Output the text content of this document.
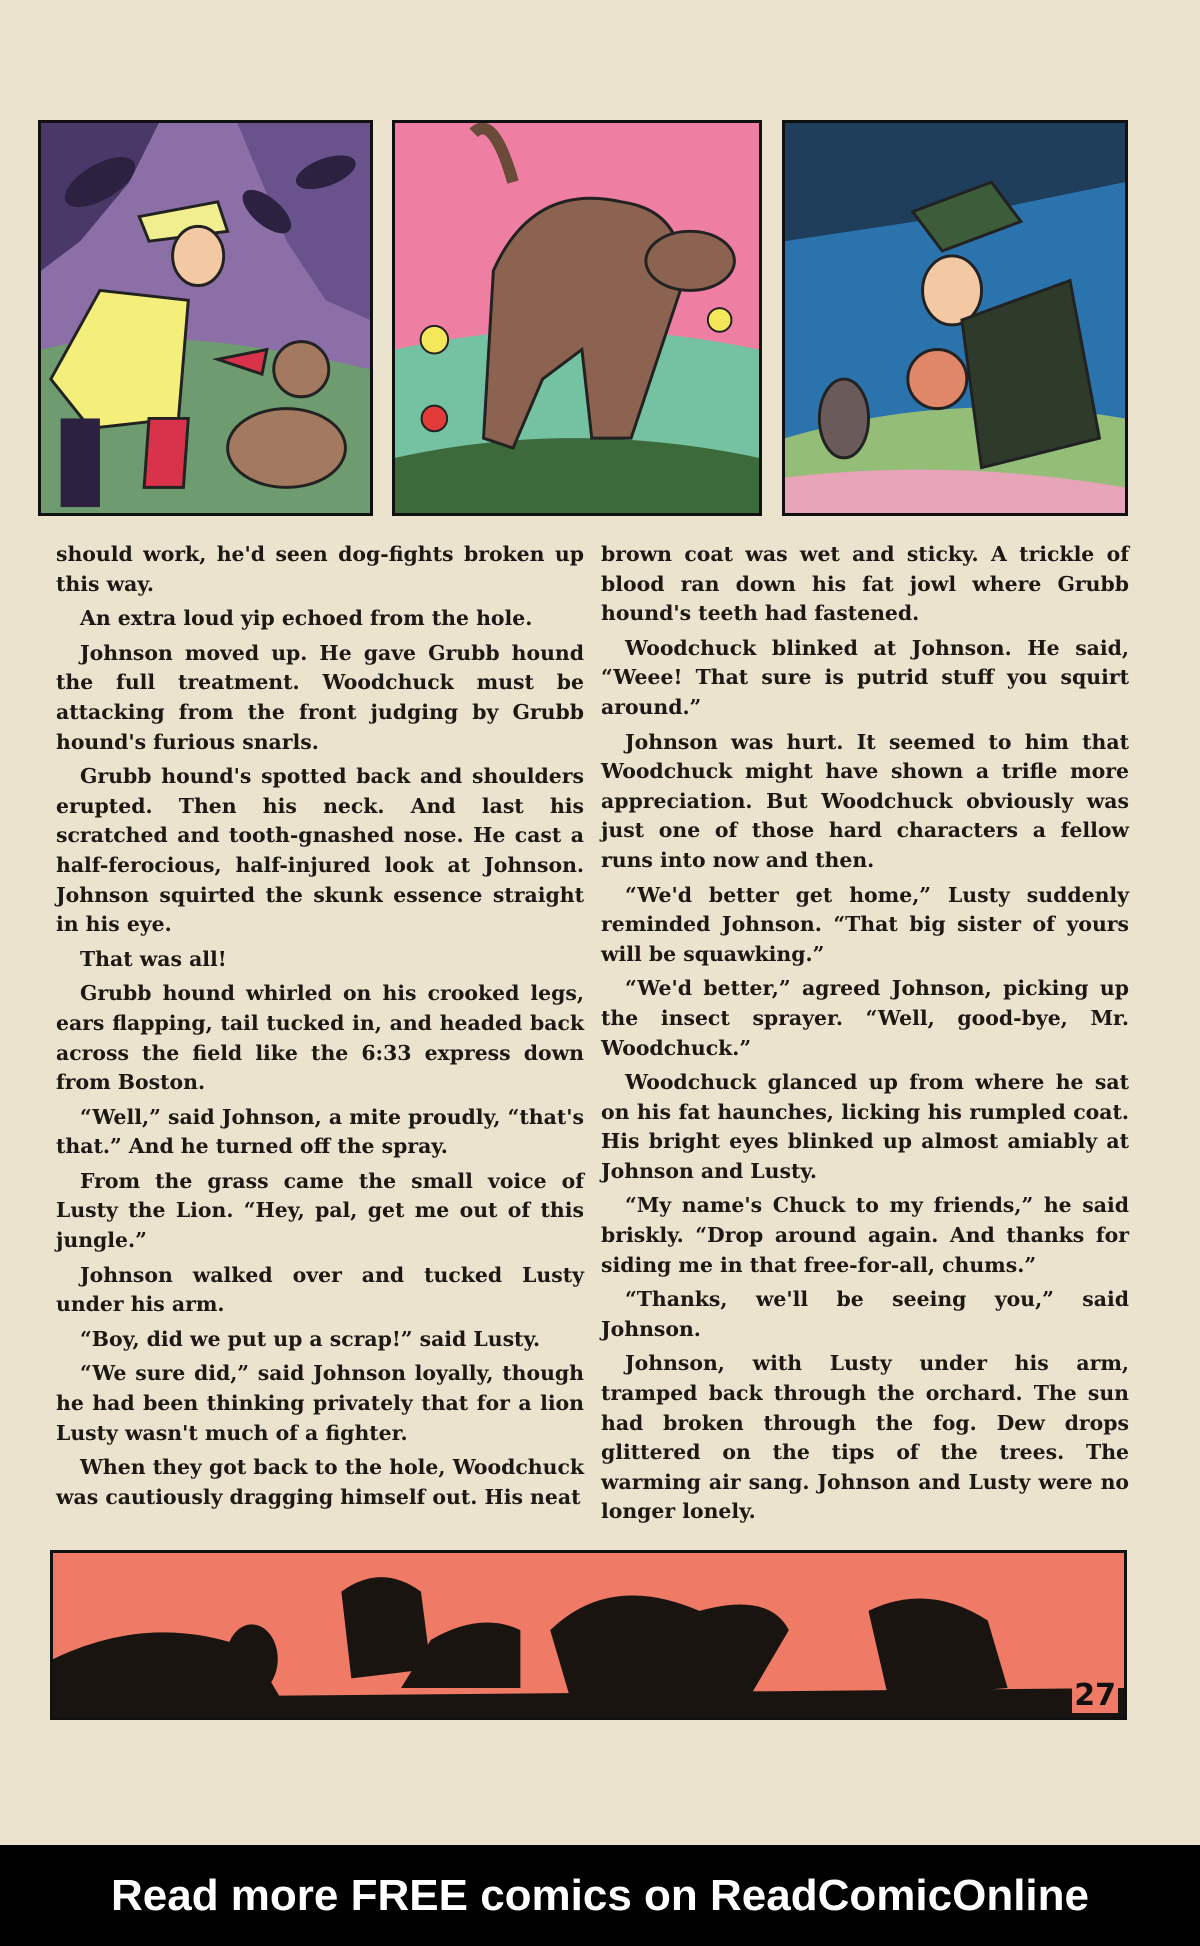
should work, he'd seen dog-fights broken up this way.

An extra loud yip echoed from the hole.

Johnson moved up. He gave Grubb hound the full treatment. Woodchuck must be attacking from the front judging by Grubb hound's furious snarls.

Grubb hound's spotted back and shoulders erupted. Then his neck. And last his scratched and tooth-gnashed nose. He cast a half-ferocious, half-injured look at Johnson. Johnson squirted the skunk essence straight in his eye.

That was all!

Grubb hound whirled on his crooked legs, ears flapping, tail tucked in, and headed back across the field like the 6:33 express down from Boston.

“Well,” said Johnson, a mite proudly, “that's that.” And he turned off the spray.

From the grass came the small voice of Lusty the Lion. “Hey, pal, get me out of this jungle.”

Johnson walked over and tucked Lusty under his arm.

“Boy, did we put up a scrap!” said Lusty.

“We sure did,” said Johnson loyally, though he had been thinking privately that for a lion Lusty wasn't much of a fighter.

When they got back to the hole, Woodchuck was cautiously dragging himself out. His neat

brown coat was wet and sticky. A trickle of blood ran down his fat jowl where Grubb hound's teeth had fastened.

Woodchuck blinked at Johnson. He said, “Weee! That sure is putrid stuff you squirt around.”

Johnson was hurt. It seemed to him that Woodchuck might have shown a trifle more appreciation. But Woodchuck obviously was just one of those hard characters a fellow runs into now and then.

“We'd better get home,” Lusty suddenly reminded Johnson. “That big sister of yours will be squawking.”

“We'd better,” agreed Johnson, picking up the insect sprayer. “Well, good-bye, Mr. Woodchuck.”

Woodchuck glanced up from where he sat on his fat haunches, licking his rumpled coat. His bright eyes blinked up almost amiably at Johnson and Lusty.

“My name's Chuck to my friends,” he said briskly. “Drop around again. And thanks for siding me in that free-for-all, chums.”

“Thanks, we'll be seeing you,” said Johnson.

Johnson, with Lusty under his arm, tramped back through the orchard. The sun had broken through the fog. Dew drops glittered on the tips of the trees. The warming air sang. Johnson and Lusty were no longer lonely.

27
Read more FREE comics on ReadComicOnline
